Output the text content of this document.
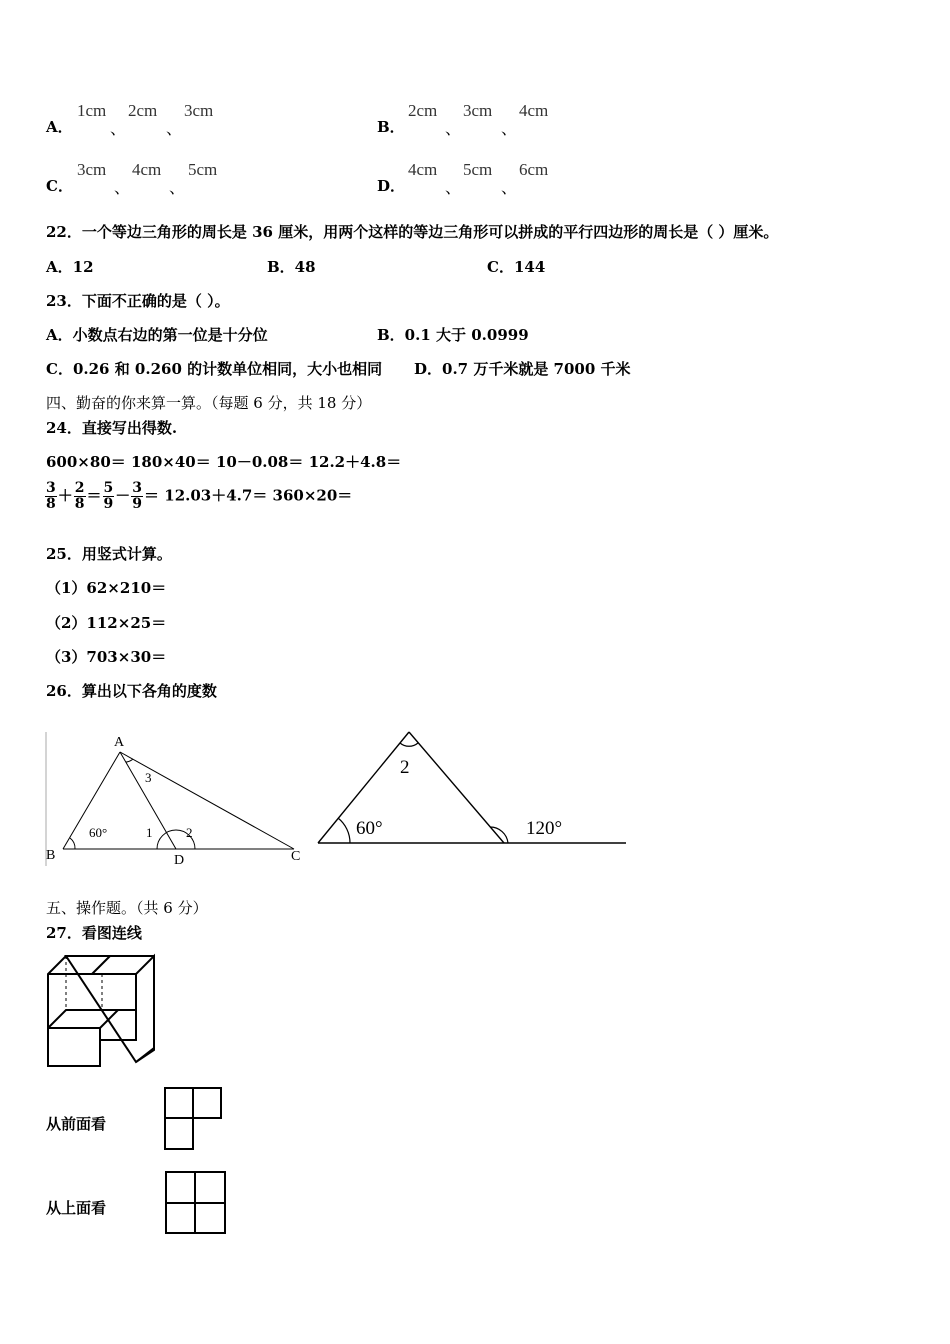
A．
1cm
、
2cm
、
3cm
B．
2cm
、
3cm
、
4cm
C．
3cm
、
4cm
、
5cm
D．
4cm
、
5cm
、
6cm
22．一个等边三角形的周长是 36 厘米，用两个这样的等边三角形可以拼成的平行四边形的周长是（ ）厘米。
A．12	B．48	C．144
23．下面不正确的是（ ）。
A．小数点右边的第一位是十分位	B．0.1 大于 0.0999
C．0.26 和 0.260 的计数单位相同，大小也相同 D．0.7 万千米就是 7000 千米
四、勤奋的你来算一算。（每题 6 分，共 18 分）
24．直接写出得数.
600×80＝ 180×40＝ 10－0.08＝ 12.2＋4.8＝
$\frac{3}{8} + \frac{2}{8} = \frac{5}{9} - \frac{3}{9} = 12.03+4.7= 360\times 20=$
25．用竖式计算。
（1）62×210＝
（2）112×25＝
（3）703×30＝
26．算出以下各角的度数
A
B	C
D
60°	1	2
3	2
60°	120°
五、操作题。（共 6 分）
27．看图连线
从前面看
从上面看
